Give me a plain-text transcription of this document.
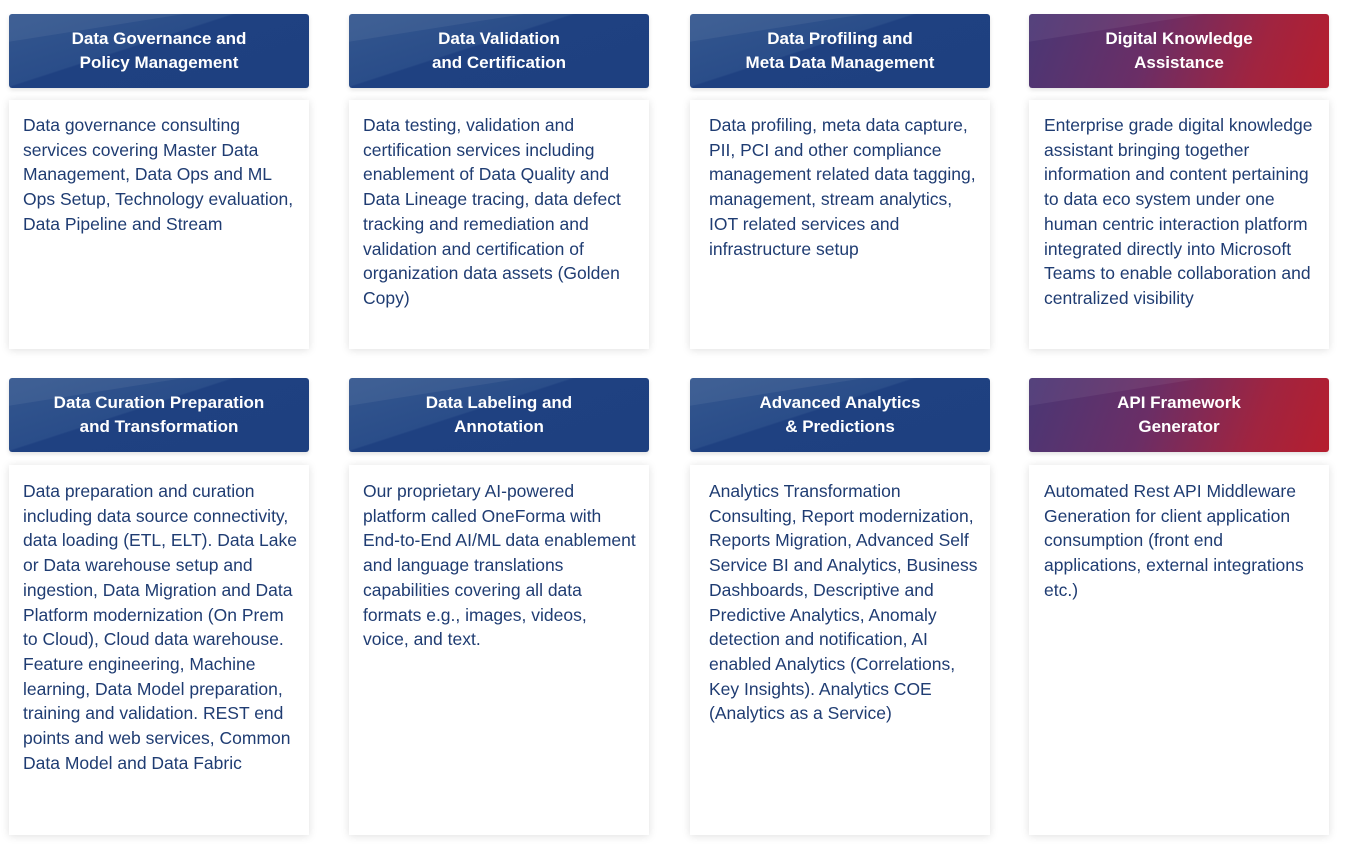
Data Governance and
Policy Management
Data governance consulting services covering Master Data Management, Data Ops and ML Ops Setup, Technology evaluation, Data Pipeline and Stream
Data Validation
and Certification
Data testing, validation and certification services including enablement of Data Quality and Data Lineage tracing, data defect tracking and remediation and validation and certification of organization data assets (Golden Copy)
Data Profiling and
Meta Data Management
Data profiling, meta data capture, PII, PCI and other compliance management related data tagging, management, stream analytics, IOT related services and infrastructure setup
Digital Knowledge
Assistance
Enterprise grade digital knowledge assistant bringing together information and content pertaining to data eco system under one human centric interaction platform integrated directly into Microsoft Teams to enable collaboration and centralized visibility
Data Curation Preparation
and Transformation
Data preparation and curation including data source connectivity, data loading (ETL, ELT). Data Lake or Data warehouse setup and ingestion, Data Migration and Data Platform modernization (On Prem to Cloud), Cloud data warehouse. Feature engineering, Machine learning, Data Model preparation, training and validation. REST end points and web services, Common Data Model and Data Fabric
Data Labeling and
Annotation
Our proprietary AI-powered platform called OneForma with End-to-End AI/ML data enablement and language translations capabilities covering all data formats e.g., images, videos, voice, and text.
Advanced Analytics
& Predictions
Analytics Transformation Consulting, Report modernization, Reports Migration, Advanced Self Service BI and Analytics, Business Dashboards, Descriptive and Predictive Analytics, Anomaly detection and notification, AI enabled Analytics (Correlations, Key Insights). Analytics COE (Analytics as a Service)
API Framework
Generator
Automated Rest API Middleware Generation for client application consumption (front end applications, external integrations etc.)
